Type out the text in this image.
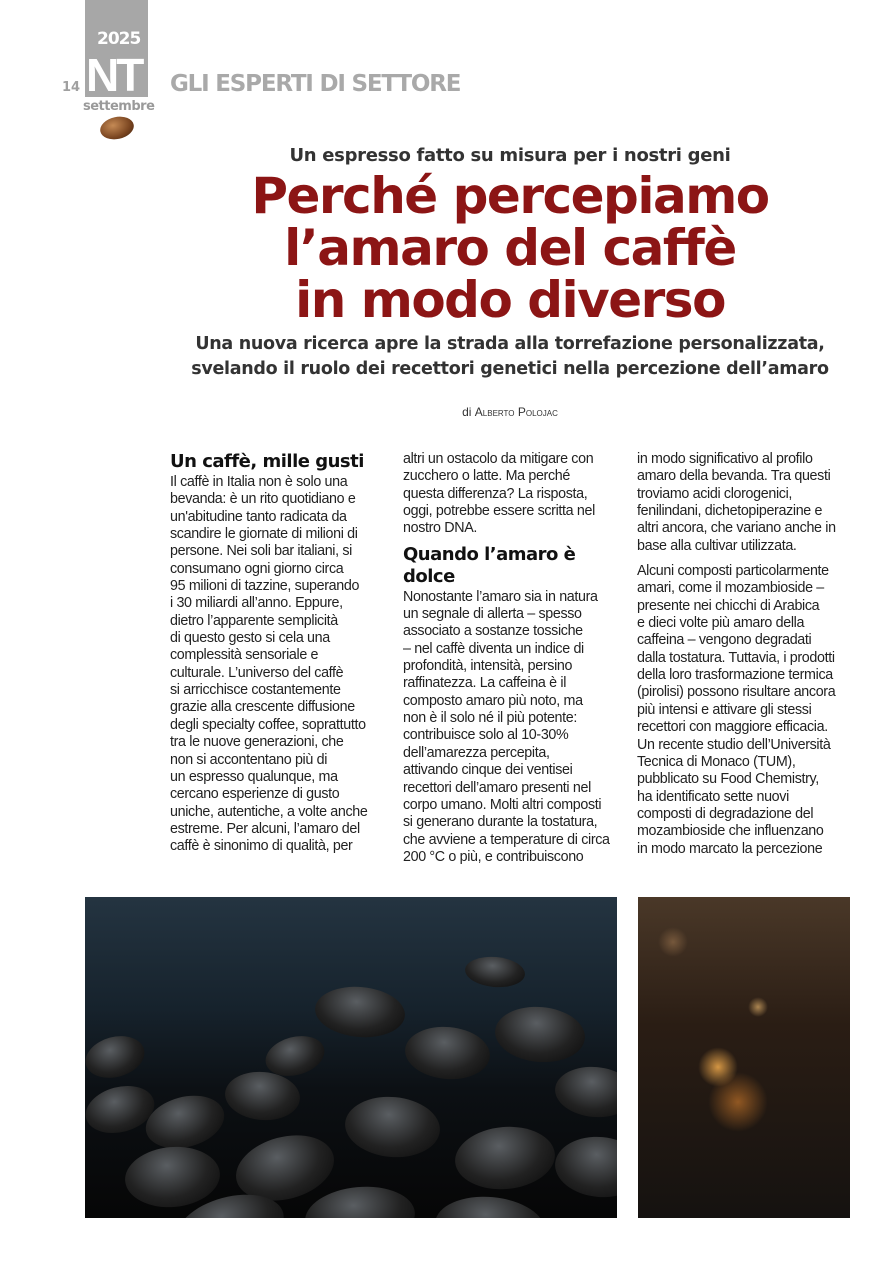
2025
NT
14
settembre
GLI ESPERTI DI SETTORE
Un espresso fatto su misura per i nostri geni
Perché percepiamo
l’amaro del caffè
in modo diverso
Una nuova ricerca apre la strada alla torrefazione personalizzata,
svelando il ruolo dei recettori genetici nella percezione dell’amaro
di Alberto Polojac
Un caffè, mille gusti
Il caffè in Italia non è solo una
bevanda: è un rito quotidiano e
un'abitudine tanto radicata da
scandire le giornate di milioni di
persone. Nei soli bar italiani, si
consumano ogni giorno circa
95 milioni di tazzine, superando
i 30 miliardi all’anno. Eppure,
dietro l’apparente semplicità
di questo gesto si cela una
complessità sensoriale e
culturale. L’universo del caffè
si arricchisce costantemente
grazie alla crescente diffusione
degli specialty coffee, soprattutto
tra le nuove generazioni, che
non si accontentano più di
un espresso qualunque, ma
cercano esperienze di gusto
uniche, autentiche, a volte anche
estreme. Per alcuni, l’amaro del
caffè è sinonimo di qualità, per
altri un ostacolo da mitigare con
zucchero o latte. Ma perché
questa differenza? La risposta,
oggi, potrebbe essere scritta nel
nostro DNA.
Quando l’amaro è dolce
Nonostante l’amaro sia in natura
un segnale di allerta – spesso
associato a sostanze tossiche
– nel caffè diventa un indice di
profondità, intensità, persino
raffinatezza. La caffeina è il
composto amaro più noto, ma
non è il solo né il più potente:
contribuisce solo al 10-30%
dell’amarezza percepita,
attivando cinque dei ventisei
recettori dell’amaro presenti nel
corpo umano. Molti altri composti
si generano durante la tostatura,
che avviene a temperature di circa
200 °C o più, e contribuiscono
in modo significativo al profilo
amaro della bevanda. Tra questi
troviamo acidi clorogenici,
fenilindani, dichetopiperazine e
altri ancora, che variano anche in
base alla cultivar utilizzata.
Alcuni composti particolarmente
amari, come il mozambioside –
presente nei chicchi di Arabica
e dieci volte più amaro della
caffeina – vengono degradati
dalla tostatura. Tuttavia, i prodotti
della loro trasformazione termica
(pirolisi) possono risultare ancora
più intensi e attivare gli stessi
recettori con maggiore efficacia.
Un recente studio dell’Università
Tecnica di Monaco (TUM),
pubblicato su Food Chemistry,
ha identificato sette nuovi
composti di degradazione del
mozambioside che influenzano
in modo marcato la percezione
